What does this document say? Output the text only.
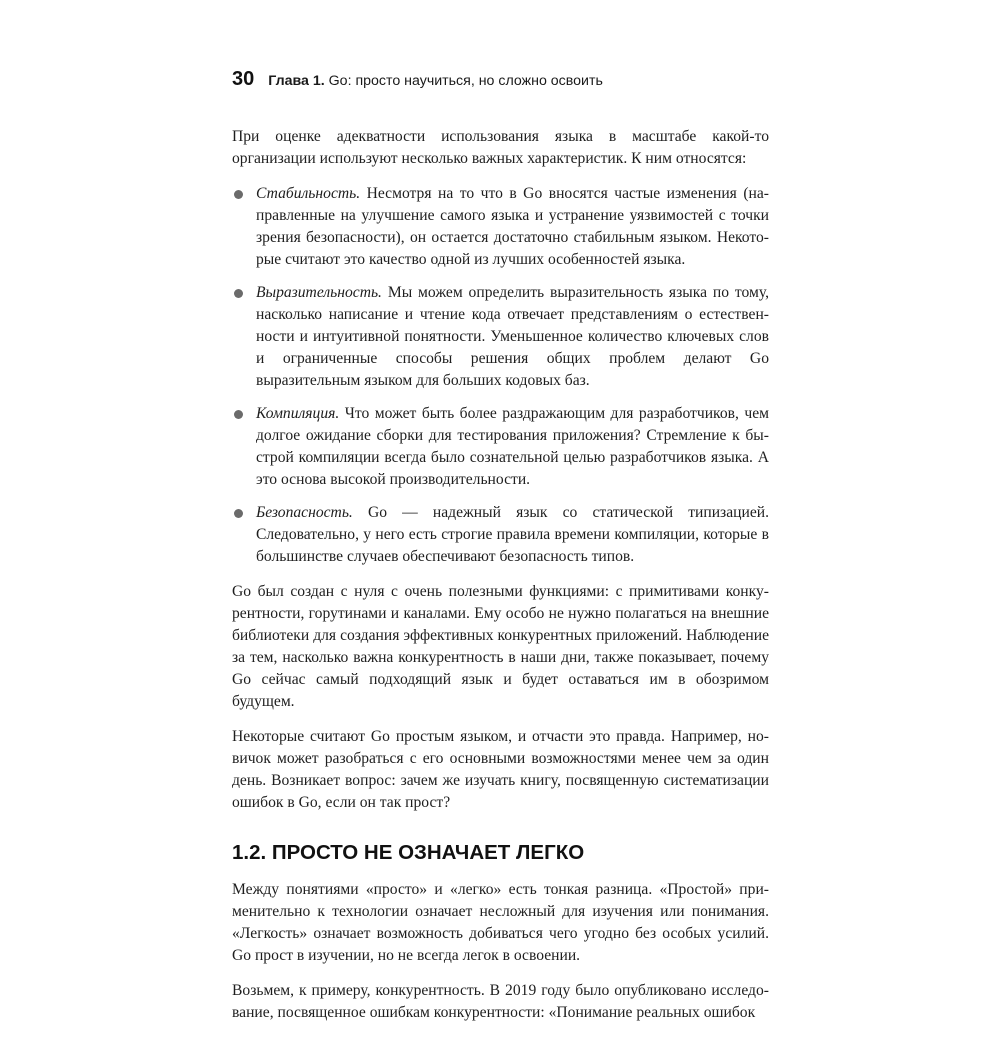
30 Глава 1. Go: просто научиться, но сложно освоить

При оценке адекватности использования языка в масштабе какой-то организации используют несколько важных характеристик. К ним относятся:

Стабильность. Несмотря на то что в Go вносятся частые изменения (направленные на улучшение самого языка и устранение уязвимостей с точки зрения безопасности), он остается достаточно стабильным языком. Некоторые считают это качество одной из лучших особенностей языка.
Выразительность. Мы можем определить выразительность языка по тому, насколько написание и чтение кода отвечает представлениям о естественности и интуитивной понятности. Уменьшенное количество ключевых слов и ограниченные способы решения общих проблем делают Go выразительным языком для больших кодовых баз.
Компиляция. Что может быть более раздражающим для разработчиков, чем долгое ожидание сборки для тестирования приложения? Стремление к быстрой компиляции всегда было сознательной целью разработчиков языка. А это основа высокой производительности.
Безопасность. Go — надежный язык со статической типизацией. Следовательно, у него есть строгие правила времени компиляции, которые в большинстве случаев обеспечивают безопасность типов.

Go был создан с нуля с очень полезными функциями: с примитивами конкурентности, горутинами и каналами. Ему особо не нужно полагаться на внешние библиотеки для создания эффективных конкурентных приложений. Наблюдение за тем, насколько важна конкурентность в наши дни, также показывает, почему Go сейчас самый подходящий язык и будет оставаться им в обозримом будущем.

Некоторые считают Go простым языком, и отчасти это правда. Например, новичок может разобраться с его основными возможностями менее чем за один день. Возникает вопрос: зачем же изучать книгу, посвященную систематизации ошибок в Go, если он так прост?

1.2. ПРОСТО НЕ ОЗНАЧАЕТ ЛЕГКО

Между понятиями «просто» и «легко» есть тонкая разница. «Простой» применительно к технологии означает несложный для изучения или понимания. «Легкость» означает возможность добиваться чего угодно без особых усилий. Go прост в изучении, но не всегда легок в освоении.

Возьмем, к примеру, конкурентность. В 2019 году было опубликовано исследование, посвященное ошибкам конкурентности: «Понимание реальных ошибок
